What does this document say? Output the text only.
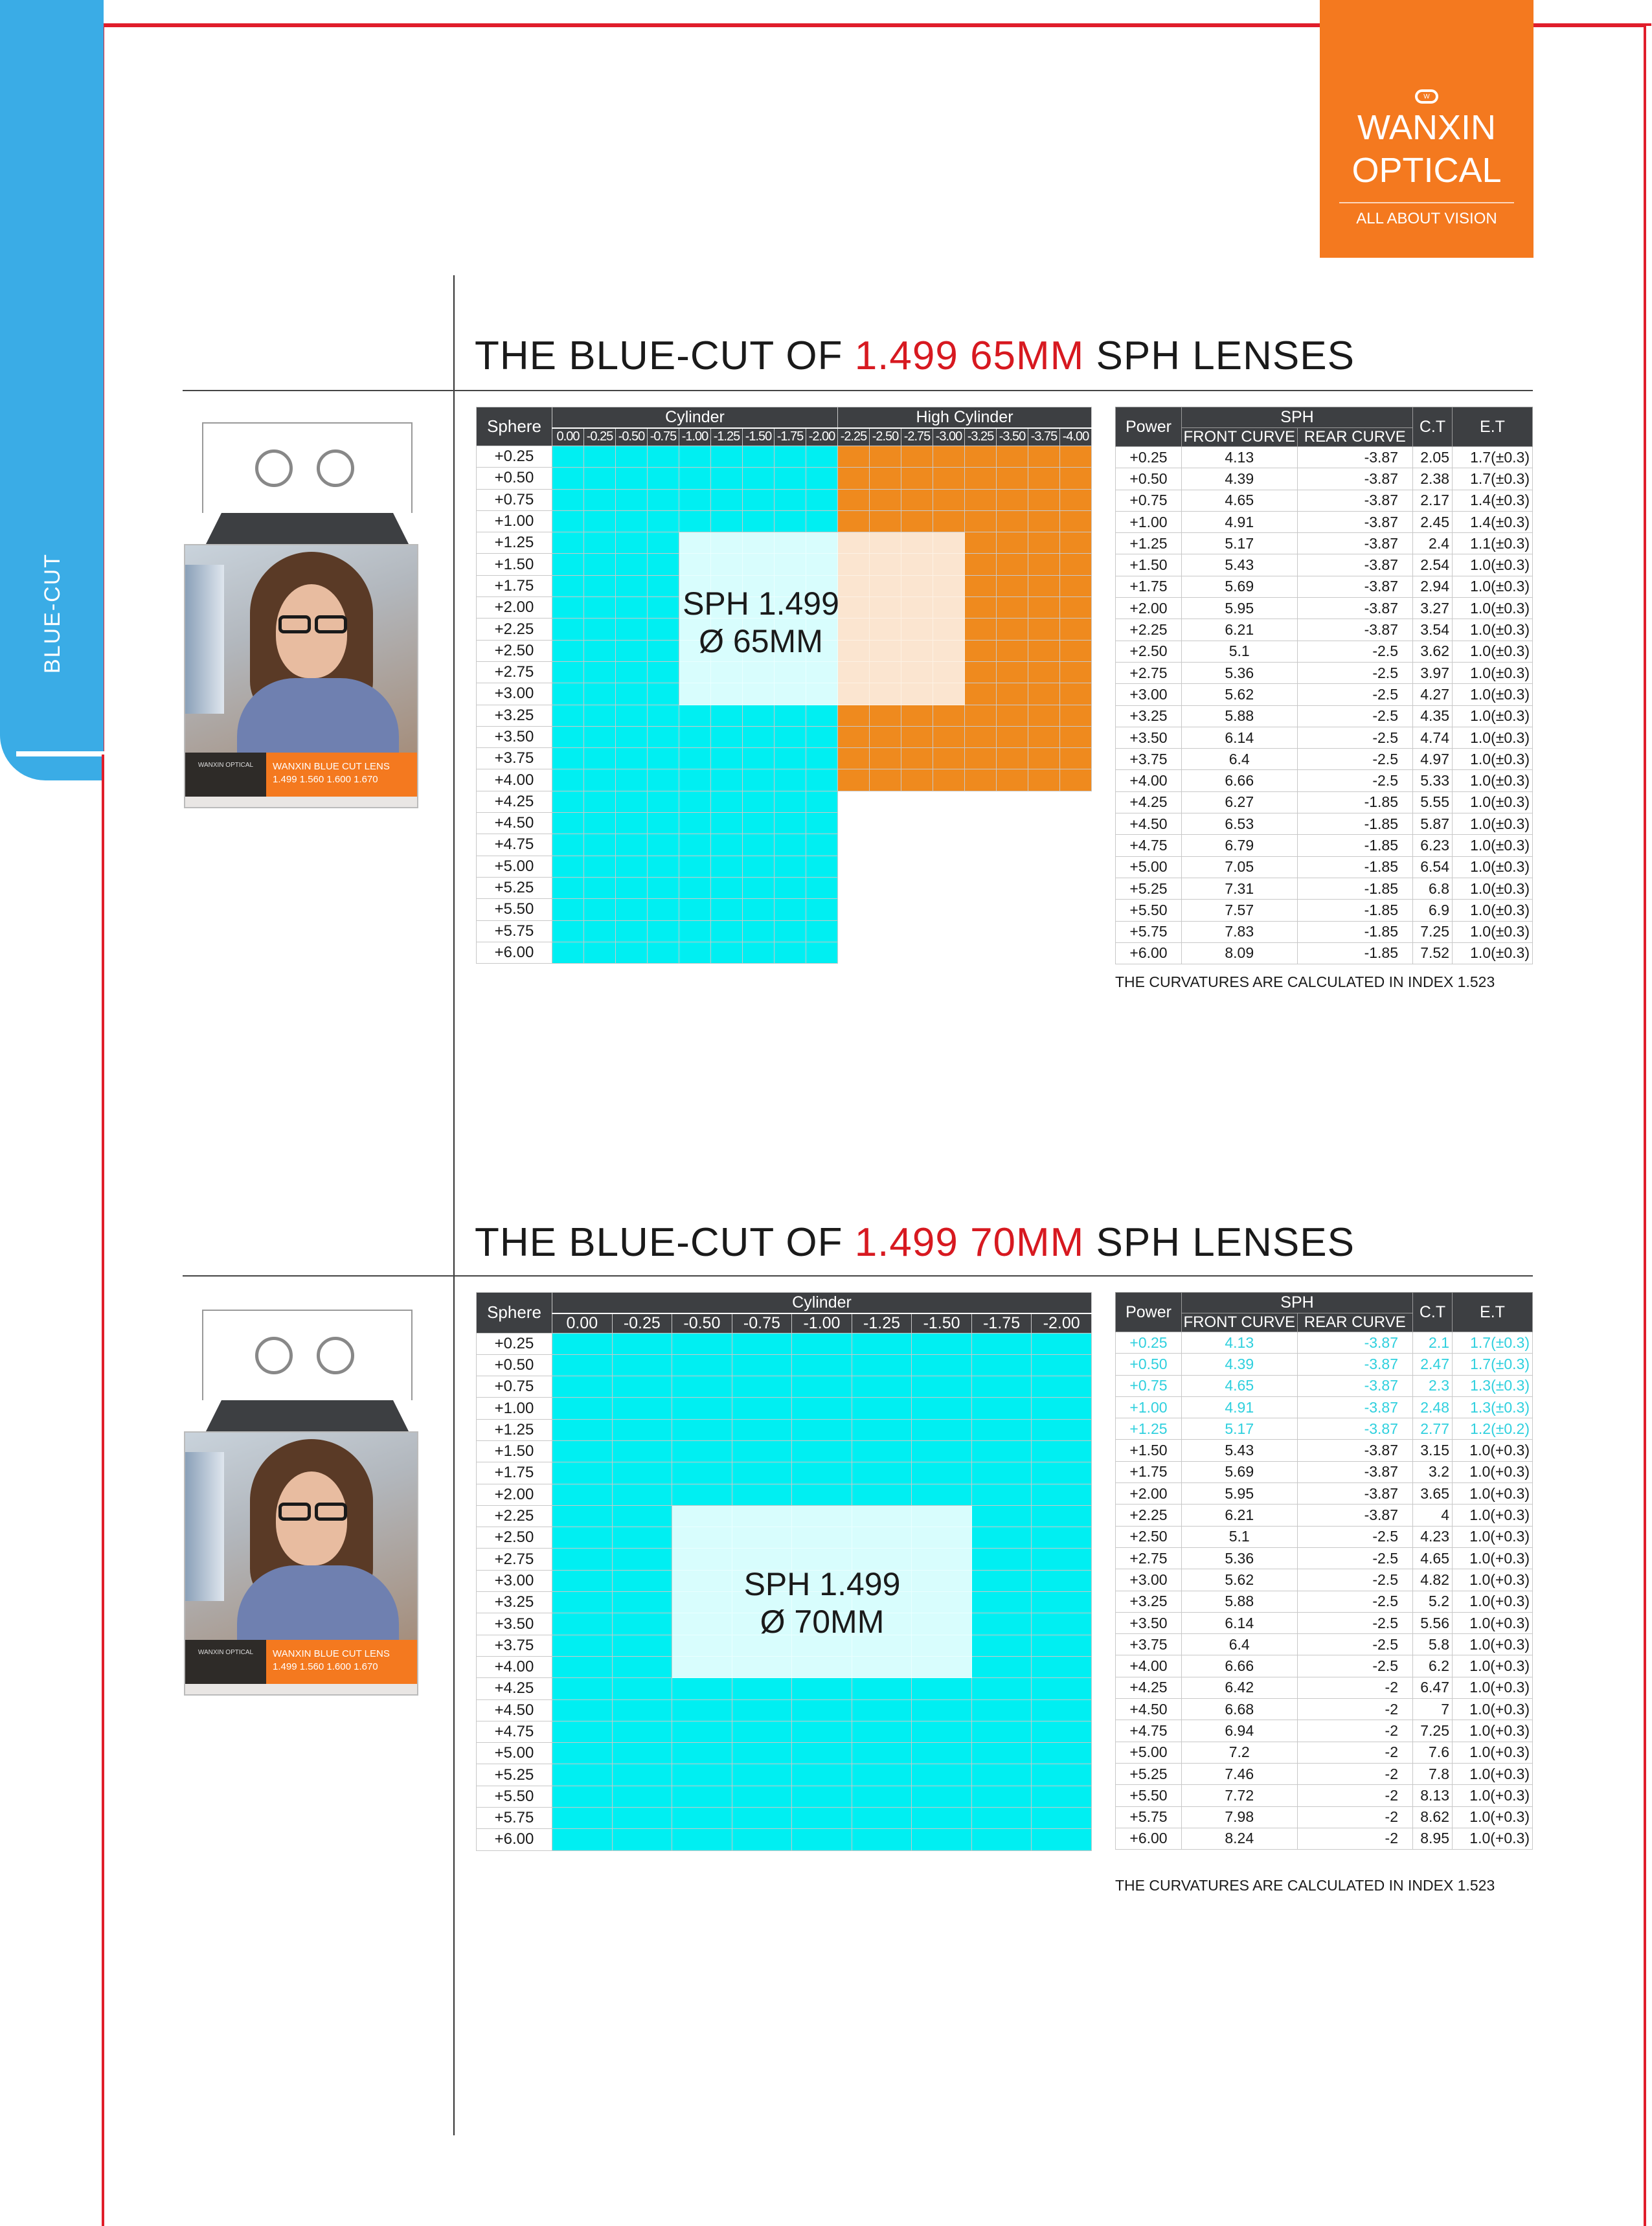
BLUE-CUT
W
WANXIN
OPTICAL
ALL ABOUT VISION
THE BLUE-CUT OF 1.499 65MM SPH LENSES
WANXIN OPTICAL	WANXIN BLUE CUT LENS
1.499 1.560 1.600 1.670
Sphere	Cylinder									High Cylinder							
	0.00	-0.25	-0.50	-0.75	-1.00	-1.25	-1.50	-1.75	-2.00	-2.25	-2.50	-2.75	-3.00	-3.25	-3.50	-3.75	-4.00
+0.25																	
+0.50																	
+0.75																	
+1.00																	
+1.25																	
+1.50																	
+1.75																	
+2.00																	
+2.25																	
+2.50																	
+2.75																	
+3.00																	
+3.25																	
+3.50																	
+3.75																	
+4.00																	
+4.25																	
+4.50																	
+4.75																	
+5.00																	
+5.25																	
+5.50																	
+5.75																	
+6.00																	
SPH 1.499
Ø 65MM
Power	SPH		C.T	E.T
	FRONT CURVE	REAR CURVE		
+0.25	4.13	-3.87	2.05	1.7(±0.3)
+0.50	4.39	-3.87	2.38	1.7(±0.3)
+0.75	4.65	-3.87	2.17	1.4(±0.3)
+1.00	4.91	-3.87	2.45	1.4(±0.3)
+1.25	5.17	-3.87	2.4	1.1(±0.3)
+1.50	5.43	-3.87	2.54	1.0(±0.3)
+1.75	5.69	-3.87	2.94	1.0(±0.3)
+2.00	5.95	-3.87	3.27	1.0(±0.3)
+2.25	6.21	-3.87	3.54	1.0(±0.3)
+2.50	5.1	-2.5	3.62	1.0(±0.3)
+2.75	5.36	-2.5	3.97	1.0(±0.3)
+3.00	5.62	-2.5	4.27	1.0(±0.3)
+3.25	5.88	-2.5	4.35	1.0(±0.3)
+3.50	6.14	-2.5	4.74	1.0(±0.3)
+3.75	6.4	-2.5	4.97	1.0(±0.3)
+4.00	6.66	-2.5	5.33	1.0(±0.3)
+4.25	6.27	-1.85	5.55	1.0(±0.3)
+4.50	6.53	-1.85	5.87	1.0(±0.3)
+4.75	6.79	-1.85	6.23	1.0(±0.3)
+5.00	7.05	-1.85	6.54	1.0(±0.3)
+5.25	7.31	-1.85	6.8	1.0(±0.3)
+5.50	7.57	-1.85	6.9	1.0(±0.3)
+5.75	7.83	-1.85	7.25	1.0(±0.3)
+6.00	8.09	-1.85	7.52	1.0(±0.3)
THE CURVATURES ARE CALCULATED IN INDEX 1.523
THE BLUE-CUT OF 1.499 70MM SPH LENSES
WANXIN OPTICAL	WANXIN BLUE CUT LENS
1.499 1.560 1.600 1.670
Sphere	Cylinder								
	0.00	-0.25	-0.50	-0.75	-1.00	-1.25	-1.50	-1.75	-2.00
+0.25									
+0.50									
+0.75									
+1.00									
+1.25									
+1.50									
+1.75									
+2.00									
+2.25									
+2.50									
+2.75									
+3.00									
+3.25									
+3.50									
+3.75									
+4.00									
+4.25									
+4.50									
+4.75									
+5.00									
+5.25									
+5.50									
+5.75									
+6.00									
SPH 1.499
Ø 70MM
Power	SPH		C.T	E.T
	FRONT CURVE	REAR CURVE		
+0.25	4.13	-3.87	2.1	1.7(±0.3)
+0.50	4.39	-3.87	2.47	1.7(±0.3)
+0.75	4.65	-3.87	2.3	1.3(±0.3)
+1.00	4.91	-3.87	2.48	1.3(±0.3)
+1.25	5.17	-3.87	2.77	1.2(±0.2)
+1.50	5.43	-3.87	3.15	1.0(+0.3)
+1.75	5.69	-3.87	3.2	1.0(+0.3)
+2.00	5.95	-3.87	3.65	1.0(+0.3)
+2.25	6.21	-3.87	4	1.0(+0.3)
+2.50	5.1	-2.5	4.23	1.0(+0.3)
+2.75	5.36	-2.5	4.65	1.0(+0.3)
+3.00	5.62	-2.5	4.82	1.0(+0.3)
+3.25	5.88	-2.5	5.2	1.0(+0.3)
+3.50	6.14	-2.5	5.56	1.0(+0.3)
+3.75	6.4	-2.5	5.8	1.0(+0.3)
+4.00	6.66	-2.5	6.2	1.0(+0.3)
+4.25	6.42	-2	6.47	1.0(+0.3)
+4.50	6.68	-2	7	1.0(+0.3)
+4.75	6.94	-2	7.25	1.0(+0.3)
+5.00	7.2	-2	7.6	1.0(+0.3)
+5.25	7.46	-2	7.8	1.0(+0.3)
+5.50	7.72	-2	8.13	1.0(+0.3)
+5.75	7.98	-2	8.62	1.0(+0.3)
+6.00	8.24	-2	8.95	1.0(+0.3)
THE CURVATURES ARE CALCULATED IN INDEX 1.523
